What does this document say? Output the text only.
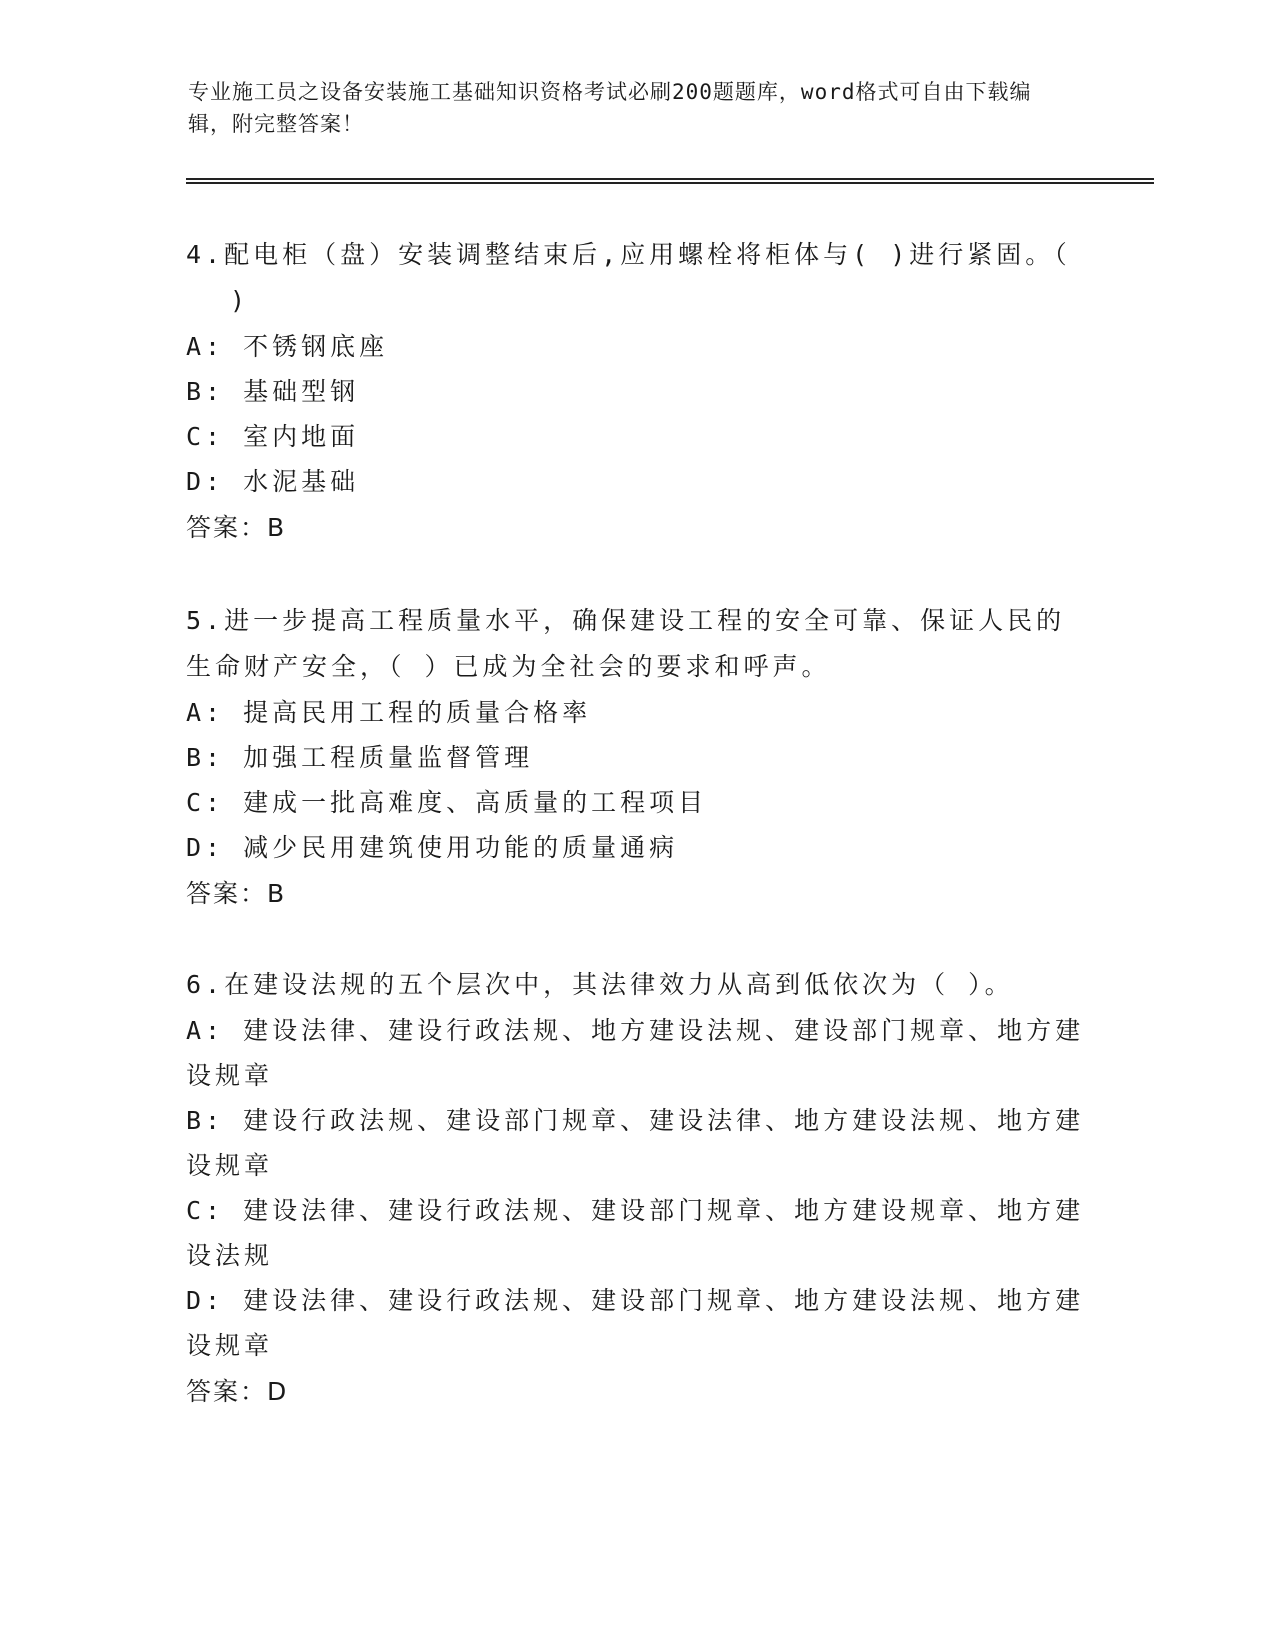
专业施工员之设备安装施工基础知识资格考试必刷200题题库，word格式可自由下载编辑，附完整答案！

4.配电柜（盘）安装调整结束后,应用螺栓将柜体与( )进行紧固。（
)

A: 不锈钢底座

B: 基础型钢

C: 室内地面

D: 水泥基础

答案：B

5.进一步提高工程质量水平，确保建设工程的安全可靠、保证人民的
生命财产安全，（ ）已成为全社会的要求和呼声。

A: 提高民用工程的质量合格率

B: 加强工程质量监督管理

C: 建成一批高难度、高质量的工程项目

D: 减少民用建筑使用功能的质量通病

答案：B

6.在建设法规的五个层次中，其法律效力从高到低依次为（ ）。

A: 建设法律、建设行政法规、地方建设法规、建设部门规章、地方建
设规章

B: 建设行政法规、建设部门规章、建设法律、地方建设法规、地方建
设规章

C: 建设法律、建设行政法规、建设部门规章、地方建设规章、地方建
设法规

D: 建设法律、建设行政法规、建设部门规章、地方建设法规、地方建
设规章

答案：D
